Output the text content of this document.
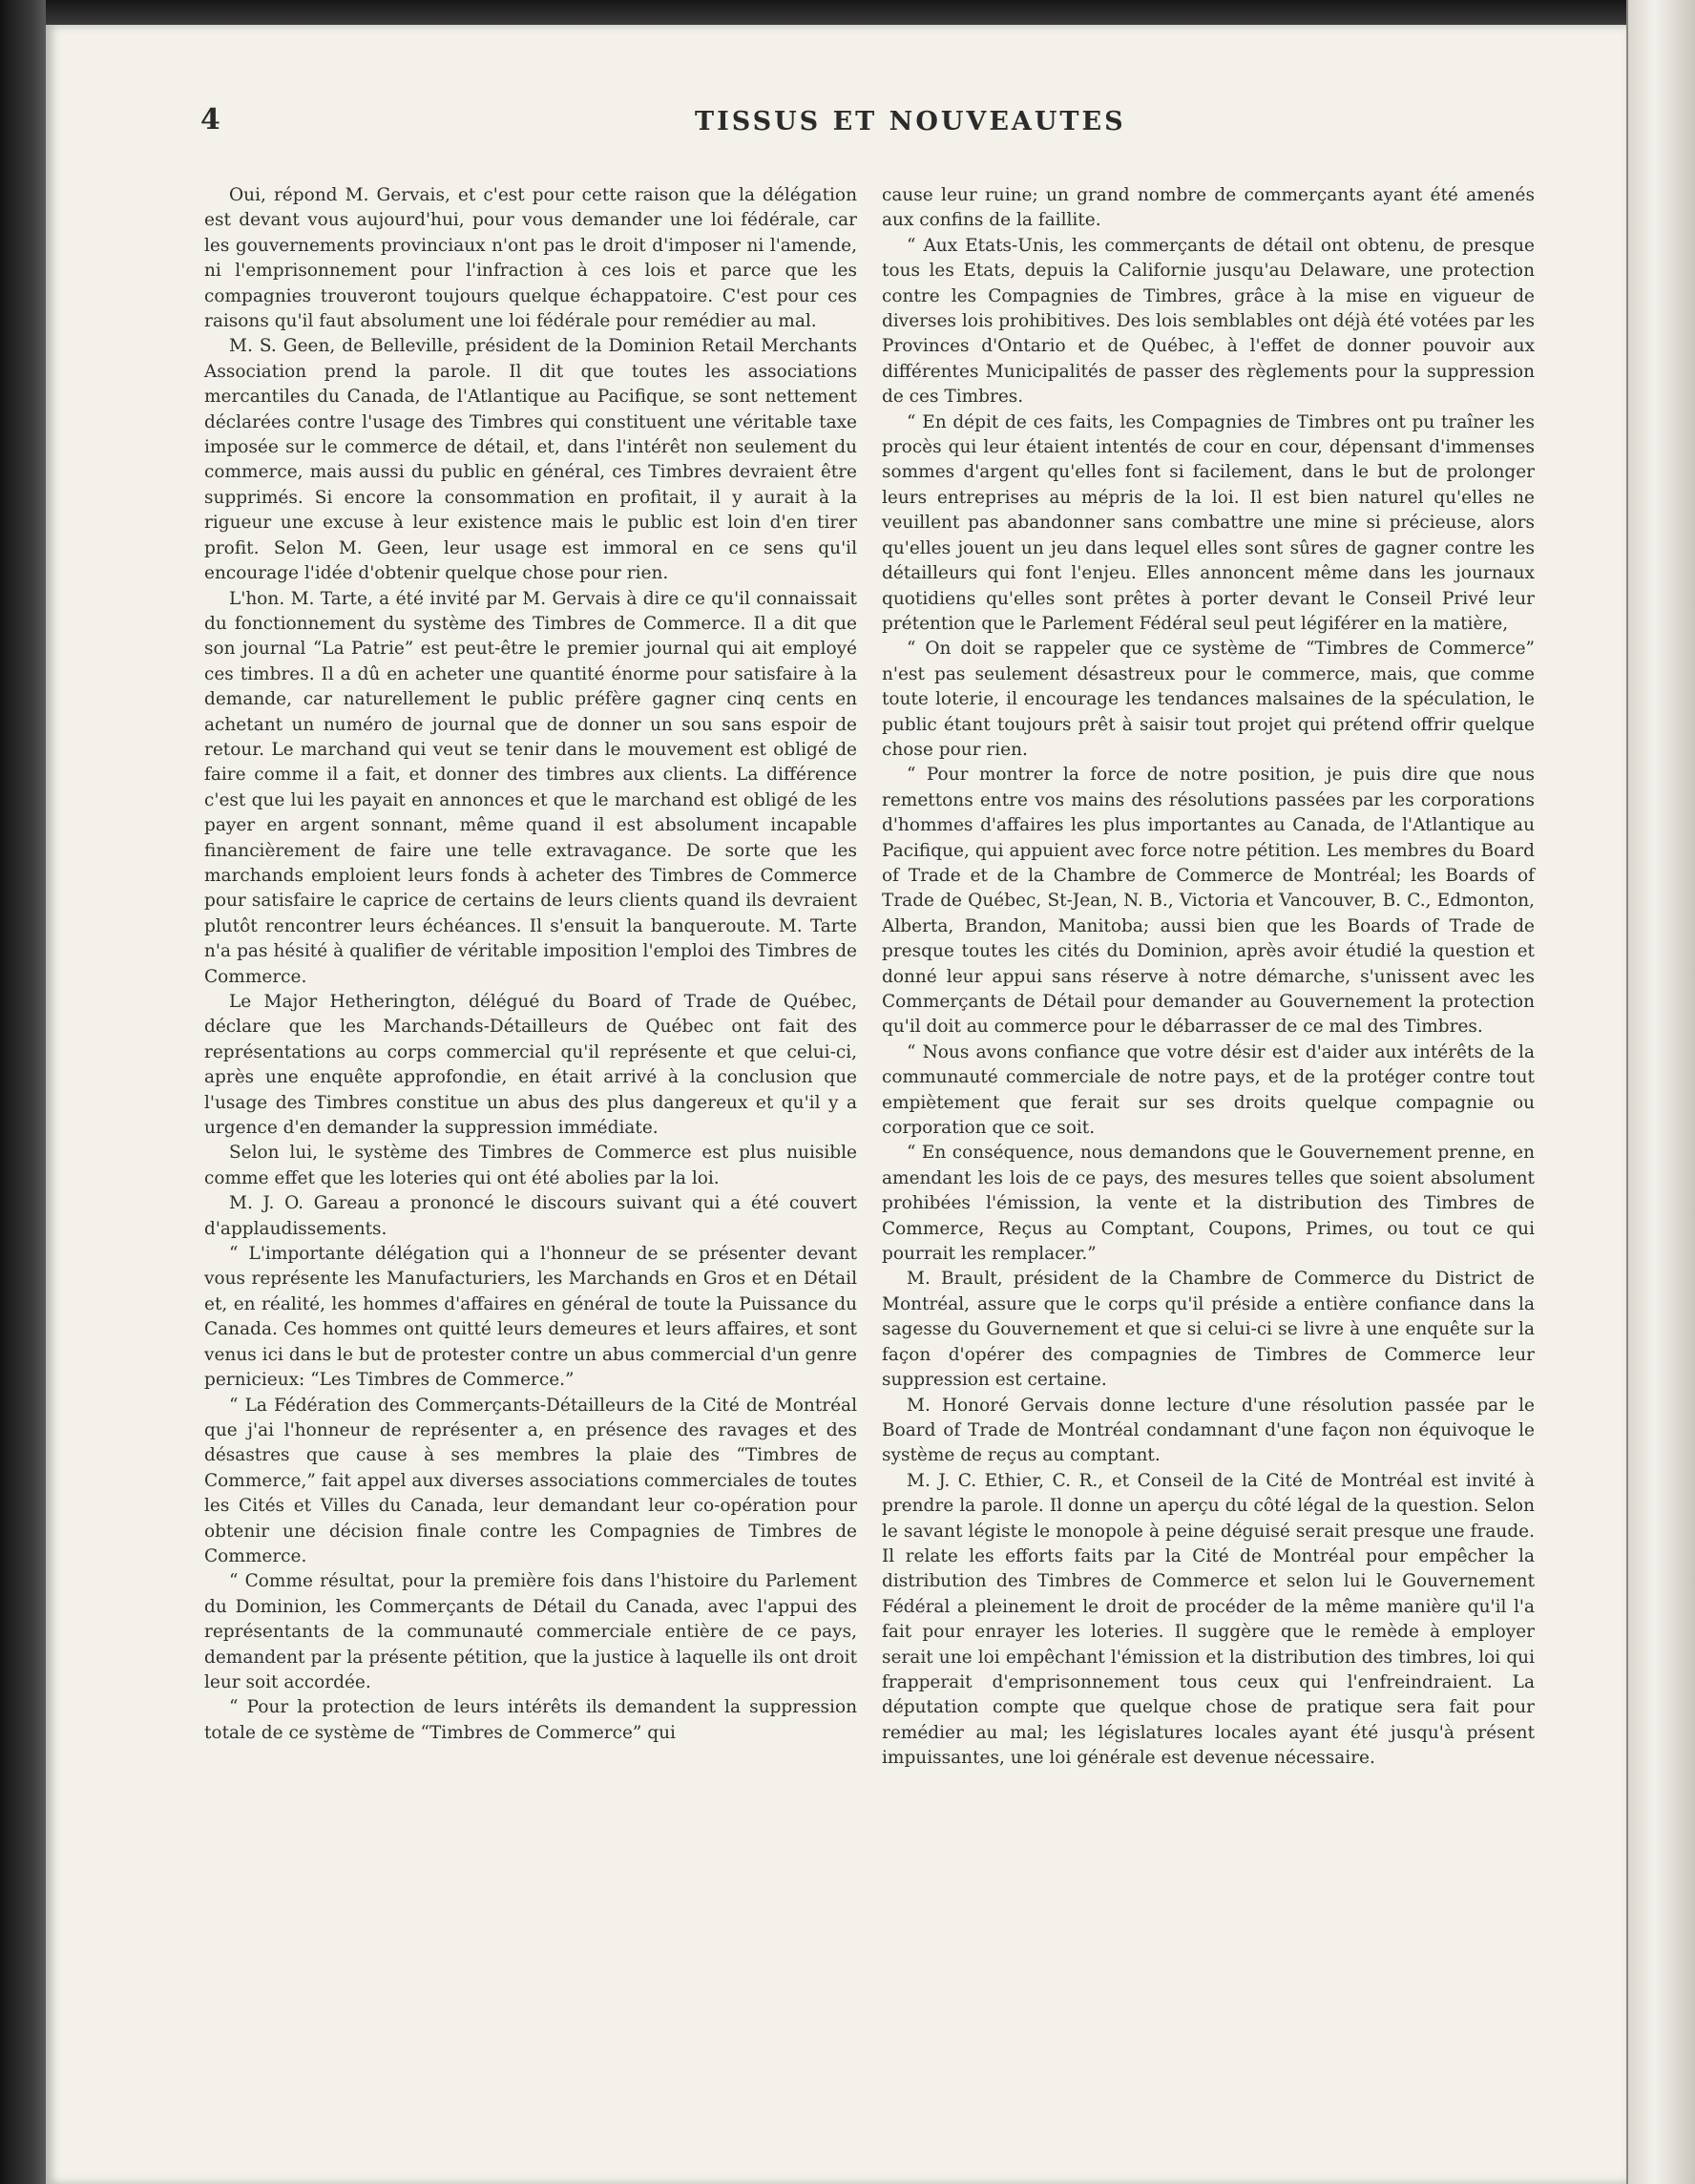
4	TISSUS ET NOUVEAUTES

Oui, répond M. Gervais, et c'est pour cette raison que la délégation est devant vous aujourd'hui, pour vous demander une loi fédérale, car les gouvernements provinciaux n'ont pas le droit d'imposer ni l'amende, ni l'emprisonnement pour l'infraction à ces lois et parce que les compagnies trouveront toujours quelque échappatoire. C'est pour ces raisons qu'il faut absolument une loi fédérale pour remédier au mal.

M. S. Geen, de Belleville, président de la Dominion Retail Merchants Association prend la parole. Il dit que toutes les associations mercantiles du Canada, de l'Atlantique au Pacifique, se sont nettement déclarées contre l'usage des Timbres qui constituent une véritable taxe imposée sur le commerce de détail, et, dans l'intérêt non seulement du commerce, mais aussi du public en général, ces Timbres devraient être supprimés. Si encore la consommation en profitait, il y aurait à la rigueur une excuse à leur existence mais le public est loin d'en tirer profit. Selon M. Geen, leur usage est immoral en ce sens qu'il encourage l'idée d'obtenir quelque chose pour rien.

L'hon. M. Tarte, a été invité par M. Gervais à dire ce qu'il connaissait du fonctionnement du système des Timbres de Commerce. Il a dit que son journal “La Patrie” est peut-être le premier journal qui ait employé ces timbres. Il a dû en acheter une quantité énorme pour satisfaire à la demande, car naturellement le public préfère gagner cinq cents en achetant un numéro de journal que de donner un sou sans espoir de retour. Le marchand qui veut se tenir dans le mouvement est obligé de faire comme il a fait, et donner des timbres aux clients. La différence c'est que lui les payait en annonces et que le marchand est obligé de les payer en argent sonnant, même quand il est absolument incapable financièrement de faire une telle extravagance. De sorte que les marchands emploient leurs fonds à acheter des Timbres de Commerce pour satisfaire le caprice de certains de leurs clients quand ils devraient plutôt rencontrer leurs échéances. Il s'ensuit la banqueroute. M. Tarte n'a pas hésité à qualifier de véritable imposition l'emploi des Timbres de Commerce.

Le Major Hetherington, délégué du Board of Trade de Québec, déclare que les Marchands-Détailleurs de Québec ont fait des représentations au corps commercial qu'il représente et que celui-ci, après une enquête approfondie, en était arrivé à la conclusion que l'usage des Timbres constitue un abus des plus dangereux et qu'il y a urgence d'en demander la suppression immédiate.

Selon lui, le système des Timbres de Commerce est plus nuisible comme effet que les loteries qui ont été abolies par la loi.

M. J. O. Gareau a prononcé le discours suivant qui a été couvert d'applaudissements.

“ L'importante délégation qui a l'honneur de se présenter devant vous représente les Manufacturiers, les Marchands en Gros et en Détail et, en réalité, les hommes d'affaires en général de toute la Puissance du Canada. Ces hommes ont quitté leurs demeures et leurs affaires, et sont venus ici dans le but de protester contre un abus commercial d'un genre pernicieux: “Les Timbres de Commerce.”

“ La Fédération des Commerçants-Détailleurs de la Cité de Montréal que j'ai l'honneur de représenter a, en présence des ravages et des désastres que cause à ses membres la plaie des “Timbres de Commerce,” fait appel aux diverses associations commerciales de toutes les Cités et Villes du Canada, leur demandant leur co-opération pour obtenir une décision finale contre les Compagnies de Timbres de Commerce.

“ Comme résultat, pour la première fois dans l'histoire du Parlement du Dominion, les Commerçants de Détail du Canada, avec l'appui des représentants de la communauté commerciale entière de ce pays, demandent par la présente pétition, que la justice à laquelle ils ont droit leur soit accordée.

“ Pour la protection de leurs intérêts ils demandent la suppression totale de ce système de “Timbres de Commerce” qui

cause leur ruine; un grand nombre de commerçants ayant été amenés aux confins de la faillite.

“ Aux Etats-Unis, les commerçants de détail ont obtenu, de presque tous les Etats, depuis la Californie jusqu'au Delaware, une protection contre les Compagnies de Timbres, grâce à la mise en vigueur de diverses lois prohibitives. Des lois semblables ont déjà été votées par les Provinces d'Ontario et de Québec, à l'effet de donner pouvoir aux différentes Municipalités de passer des règlements pour la suppression de ces Timbres.

“ En dépit de ces faits, les Compagnies de Timbres ont pu traîner les procès qui leur étaient intentés de cour en cour, dépensant d'immenses sommes d'argent qu'elles font si facilement, dans le but de prolonger leurs entreprises au mépris de la loi. Il est bien naturel qu'elles ne veuillent pas abandonner sans combattre une mine si précieuse, alors qu'elles jouent un jeu dans lequel elles sont sûres de gagner contre les détailleurs qui font l'enjeu. Elles annoncent même dans les journaux quotidiens qu'elles sont prêtes à porter devant le Conseil Privé leur prétention que le Parlement Fédéral seul peut légiférer en la matière,

“ On doit se rappeler que ce système de “Timbres de Commerce” n'est pas seulement désastreux pour le commerce, mais, que comme toute loterie, il encourage les tendances malsaines de la spéculation, le public étant toujours prêt à saisir tout projet qui prétend offrir quelque chose pour rien.

“ Pour montrer la force de notre position, je puis dire que nous remettons entre vos mains des résolutions passées par les corporations d'hommes d'affaires les plus importantes au Canada, de l'Atlantique au Pacifique, qui appuient avec force notre pétition. Les membres du Board of Trade et de la Chambre de Commerce de Montréal; les Boards of Trade de Québec, St-Jean, N. B., Victoria et Vancouver, B. C., Edmonton, Alberta, Brandon, Manitoba; aussi bien que les Boards of Trade de presque toutes les cités du Dominion, après avoir étudié la question et donné leur appui sans réserve à notre démarche, s'unissent avec les Commerçants de Détail pour demander au Gouvernement la protection qu'il doit au commerce pour le débarrasser de ce mal des Timbres.

“ Nous avons confiance que votre désir est d'aider aux intérêts de la communauté commerciale de notre pays, et de la protéger contre tout empiètement que ferait sur ses droits quelque compagnie ou corporation que ce soit.

“ En conséquence, nous demandons que le Gouvernement prenne, en amendant les lois de ce pays, des mesures telles que soient absolument prohibées l'émission, la vente et la distribution des Timbres de Commerce, Reçus au Comptant, Coupons, Primes, ou tout ce qui pourrait les remplacer.”

M. Brault, président de la Chambre de Commerce du District de Montréal, assure que le corps qu'il préside a entière confiance dans la sagesse du Gouvernement et que si celui-ci se livre à une enquête sur la façon d'opérer des compagnies de Timbres de Commerce leur suppression est certaine.

M. Honoré Gervais donne lecture d'une résolution passée par le Board of Trade de Montréal condamnant d'une façon non équivoque le système de reçus au comptant.

M. J. C. Ethier, C. R., et Conseil de la Cité de Montréal est invité à prendre la parole. Il donne un aperçu du côté légal de la question. Selon le savant légiste le monopole à peine déguisé serait presque une fraude. Il relate les efforts faits par la Cité de Montréal pour empêcher la distribution des Timbres de Commerce et selon lui le Gouvernement Fédéral a pleinement le droit de procéder de la même manière qu'il l'a fait pour enrayer les loteries. Il suggère que le remède à employer serait une loi empêchant l'émission et la distribution des timbres, loi qui frapperait d'emprisonnement tous ceux qui l'enfreindraient. La députation compte que quelque chose de pratique sera fait pour remédier au mal; les législatures locales ayant été jusqu'à présent impuissantes, une loi générale est devenue nécessaire.
